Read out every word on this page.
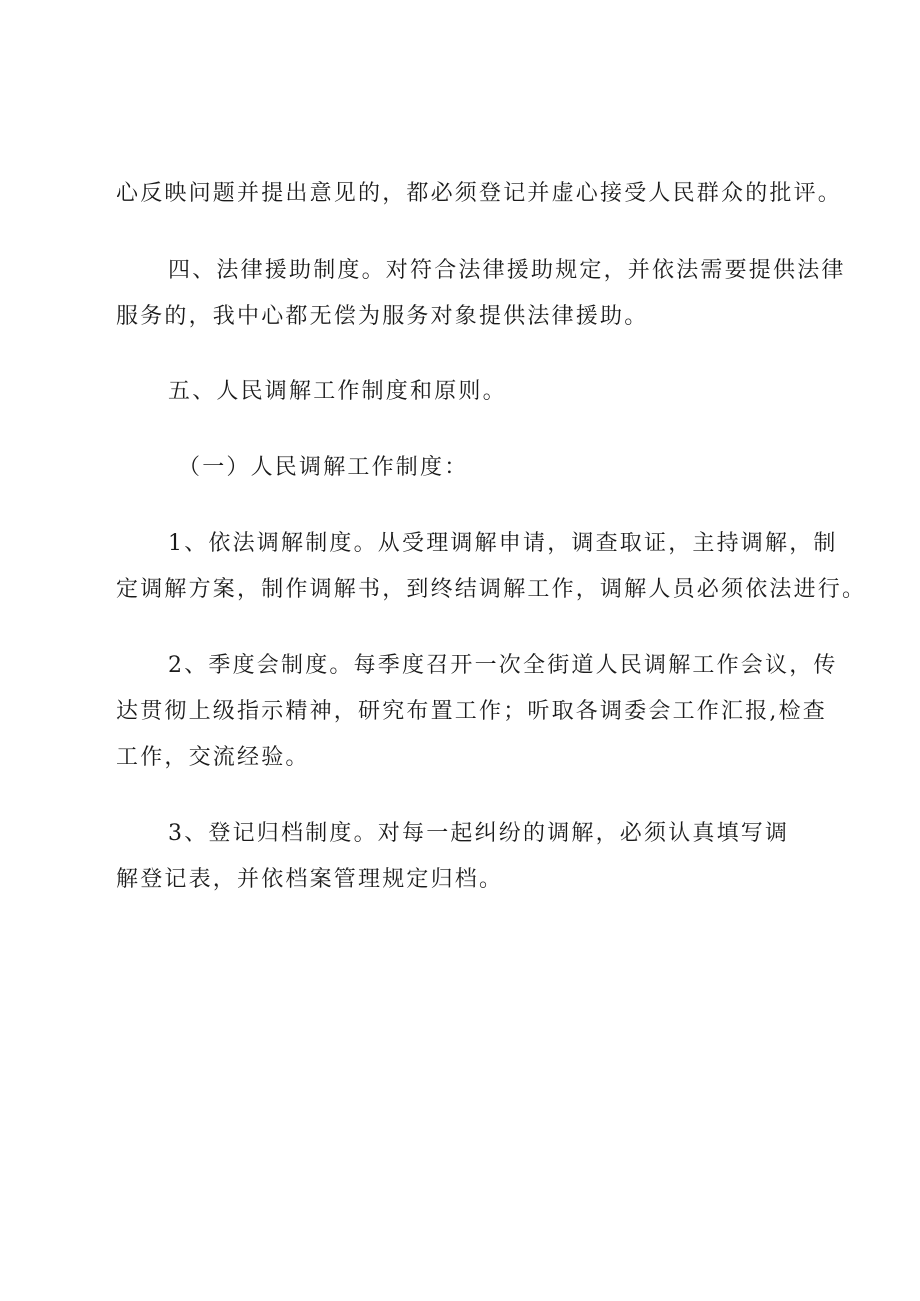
心反映问题并提出意见的，都必须登记并虚心接受人民群众的批评。
四、法律援助制度。对符合法律援助规定，并依法需要提供法律
服务的，我中心都无偿为服务对象提供法律援助。
五、人民调解工作制度和原则。
（一）人民调解工作制度：
1、依法调解制度。从受理调解申请，调查取证，主持调解，制
定调解方案，制作调解书，到终结调解工作，调解人员必须依法进行。
2、季度会制度。每季度召开一次全街道人民调解工作会议，传
达贯彻上级指示精神，研究布置工作；听取各调委会工作汇报,检查
工作，交流经验。
3、登记归档制度。对每一起纠纷的调解，必须认真填写调
解登记表，并依档案管理规定归档。
